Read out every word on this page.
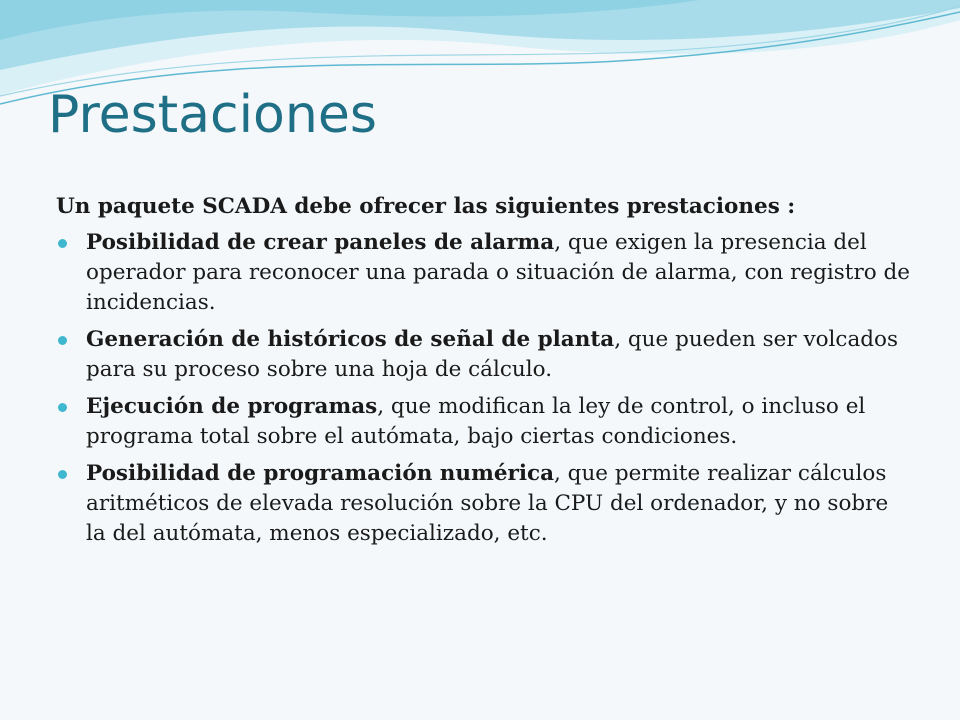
Prestaciones

Un paquete SCADA debe ofrecer las siguientes prestaciones :

Posibilidad de crear paneles de alarma, que exigen la presencia del operador para reconocer una parada o situación de alarma, con registro de incidencias.
Generación de históricos de señal de planta, que pueden ser volcados para su proceso sobre una hoja de cálculo.
Ejecución de programas, que modifican la ley de control, o incluso el programa total sobre el autómata, bajo ciertas condiciones.
Posibilidad de programación numérica, que permite realizar cálculos aritméticos de elevada resolución sobre la CPU del ordenador, y no sobre la del autómata, menos especializado, etc.
